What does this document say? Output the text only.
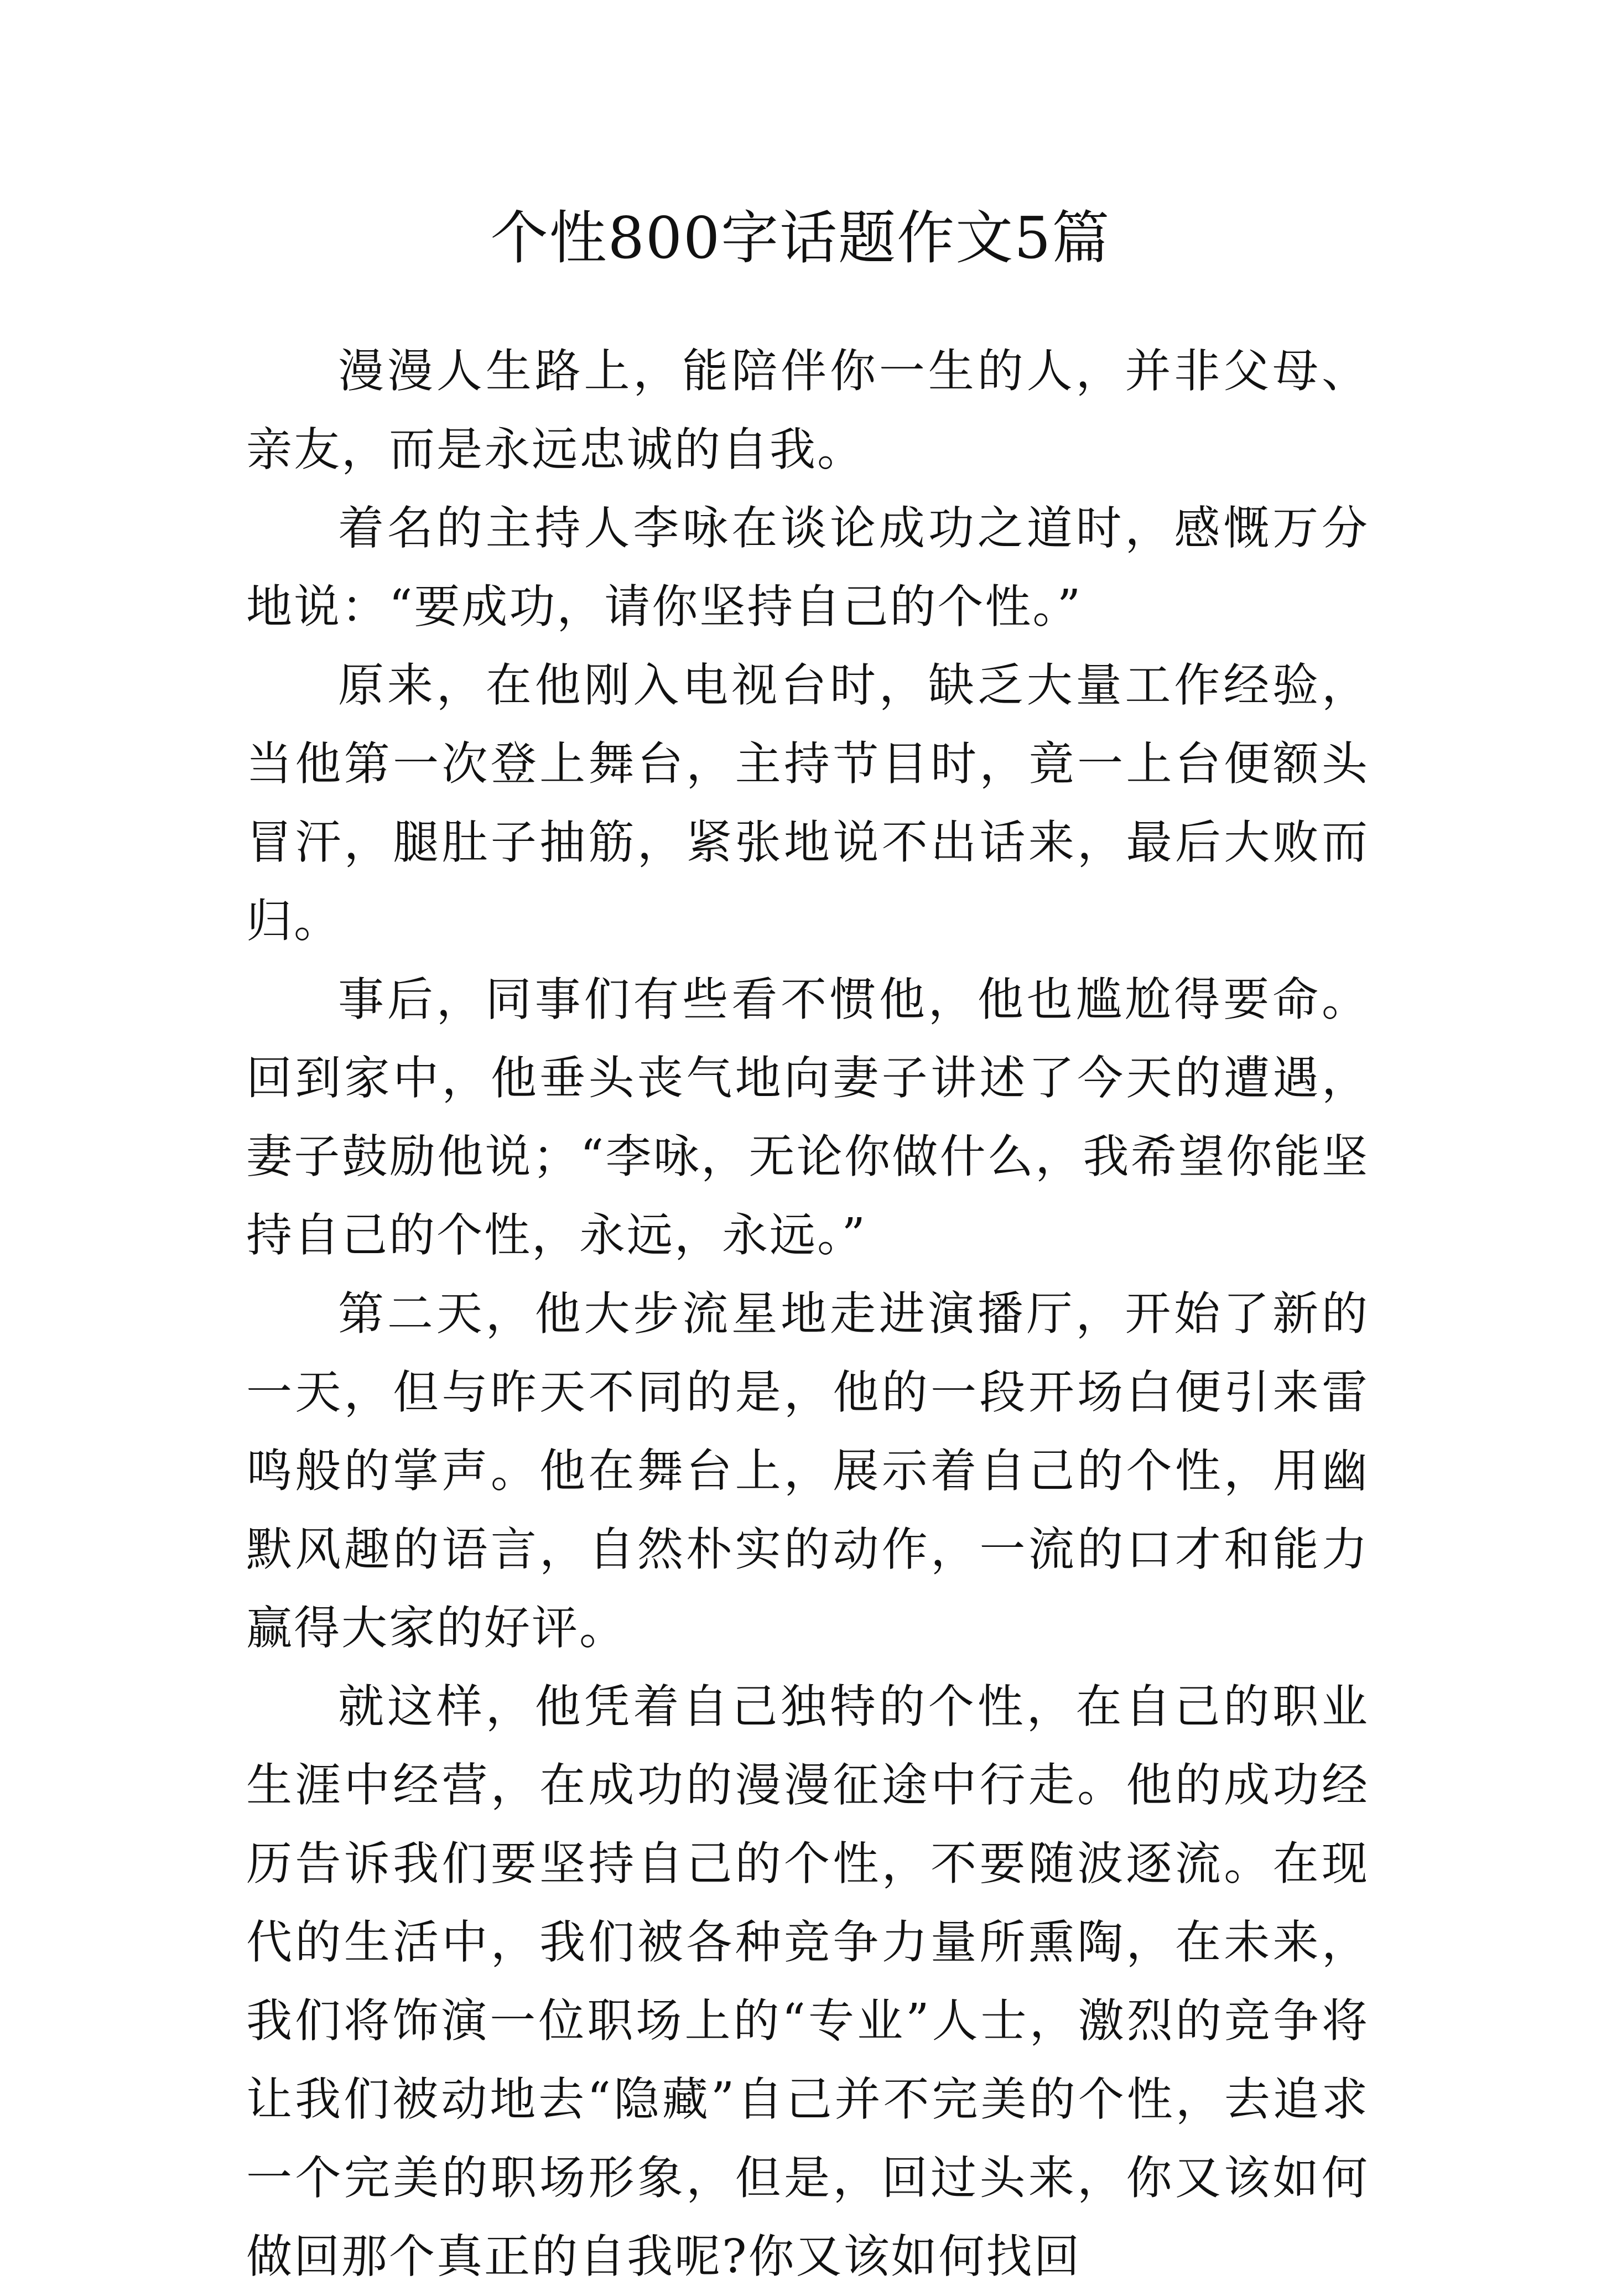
个性800字话题作文5篇

漫漫人生路上，能陪伴你一生的人，并非父母、亲友，而是永远忠诚的自我。

着名的主持人李咏在谈论成功之道时，感慨万分地说：“要成功，请你坚持自己的个性。”

原来，在他刚入电视台时，缺乏大量工作经验，当他第一次登上舞台，主持节目时，竟一上台便额头冒汗，腿肚子抽筋，紧张地说不出话来，最后大败而归。

事后，同事们有些看不惯他，他也尴尬得要命。回到家中，他垂头丧气地向妻子讲述了今天的遭遇，妻子鼓励他说；“李咏，无论你做什么，我希望你能坚持自己的个性，永远，永远。”

第二天，他大步流星地走进演播厅，开始了新的一天，但与昨天不同的是，他的一段开场白便引来雷鸣般的掌声。他在舞台上，展示着自己的个性，用幽默风趣的语言，自然朴实的动作，一流的口才和能力赢得大家的好评。

就这样，他凭着自己独特的个性，在自己的职业生涯中经营，在成功的漫漫征途中行走。他的成功经历告诉我们要坚持自己的个性，不要随波逐流。在现代的生活中，我们被各种竞争力量所熏陶，在未来，我们将饰演一位职场上的“专业”人士，激烈的竞争将让我们被动地去“隐藏”自己并不完美的个性，去追求一个完美的职场形象，但是，回过头来，你又该如何做回那个真正的自我呢?你又该如何找回
